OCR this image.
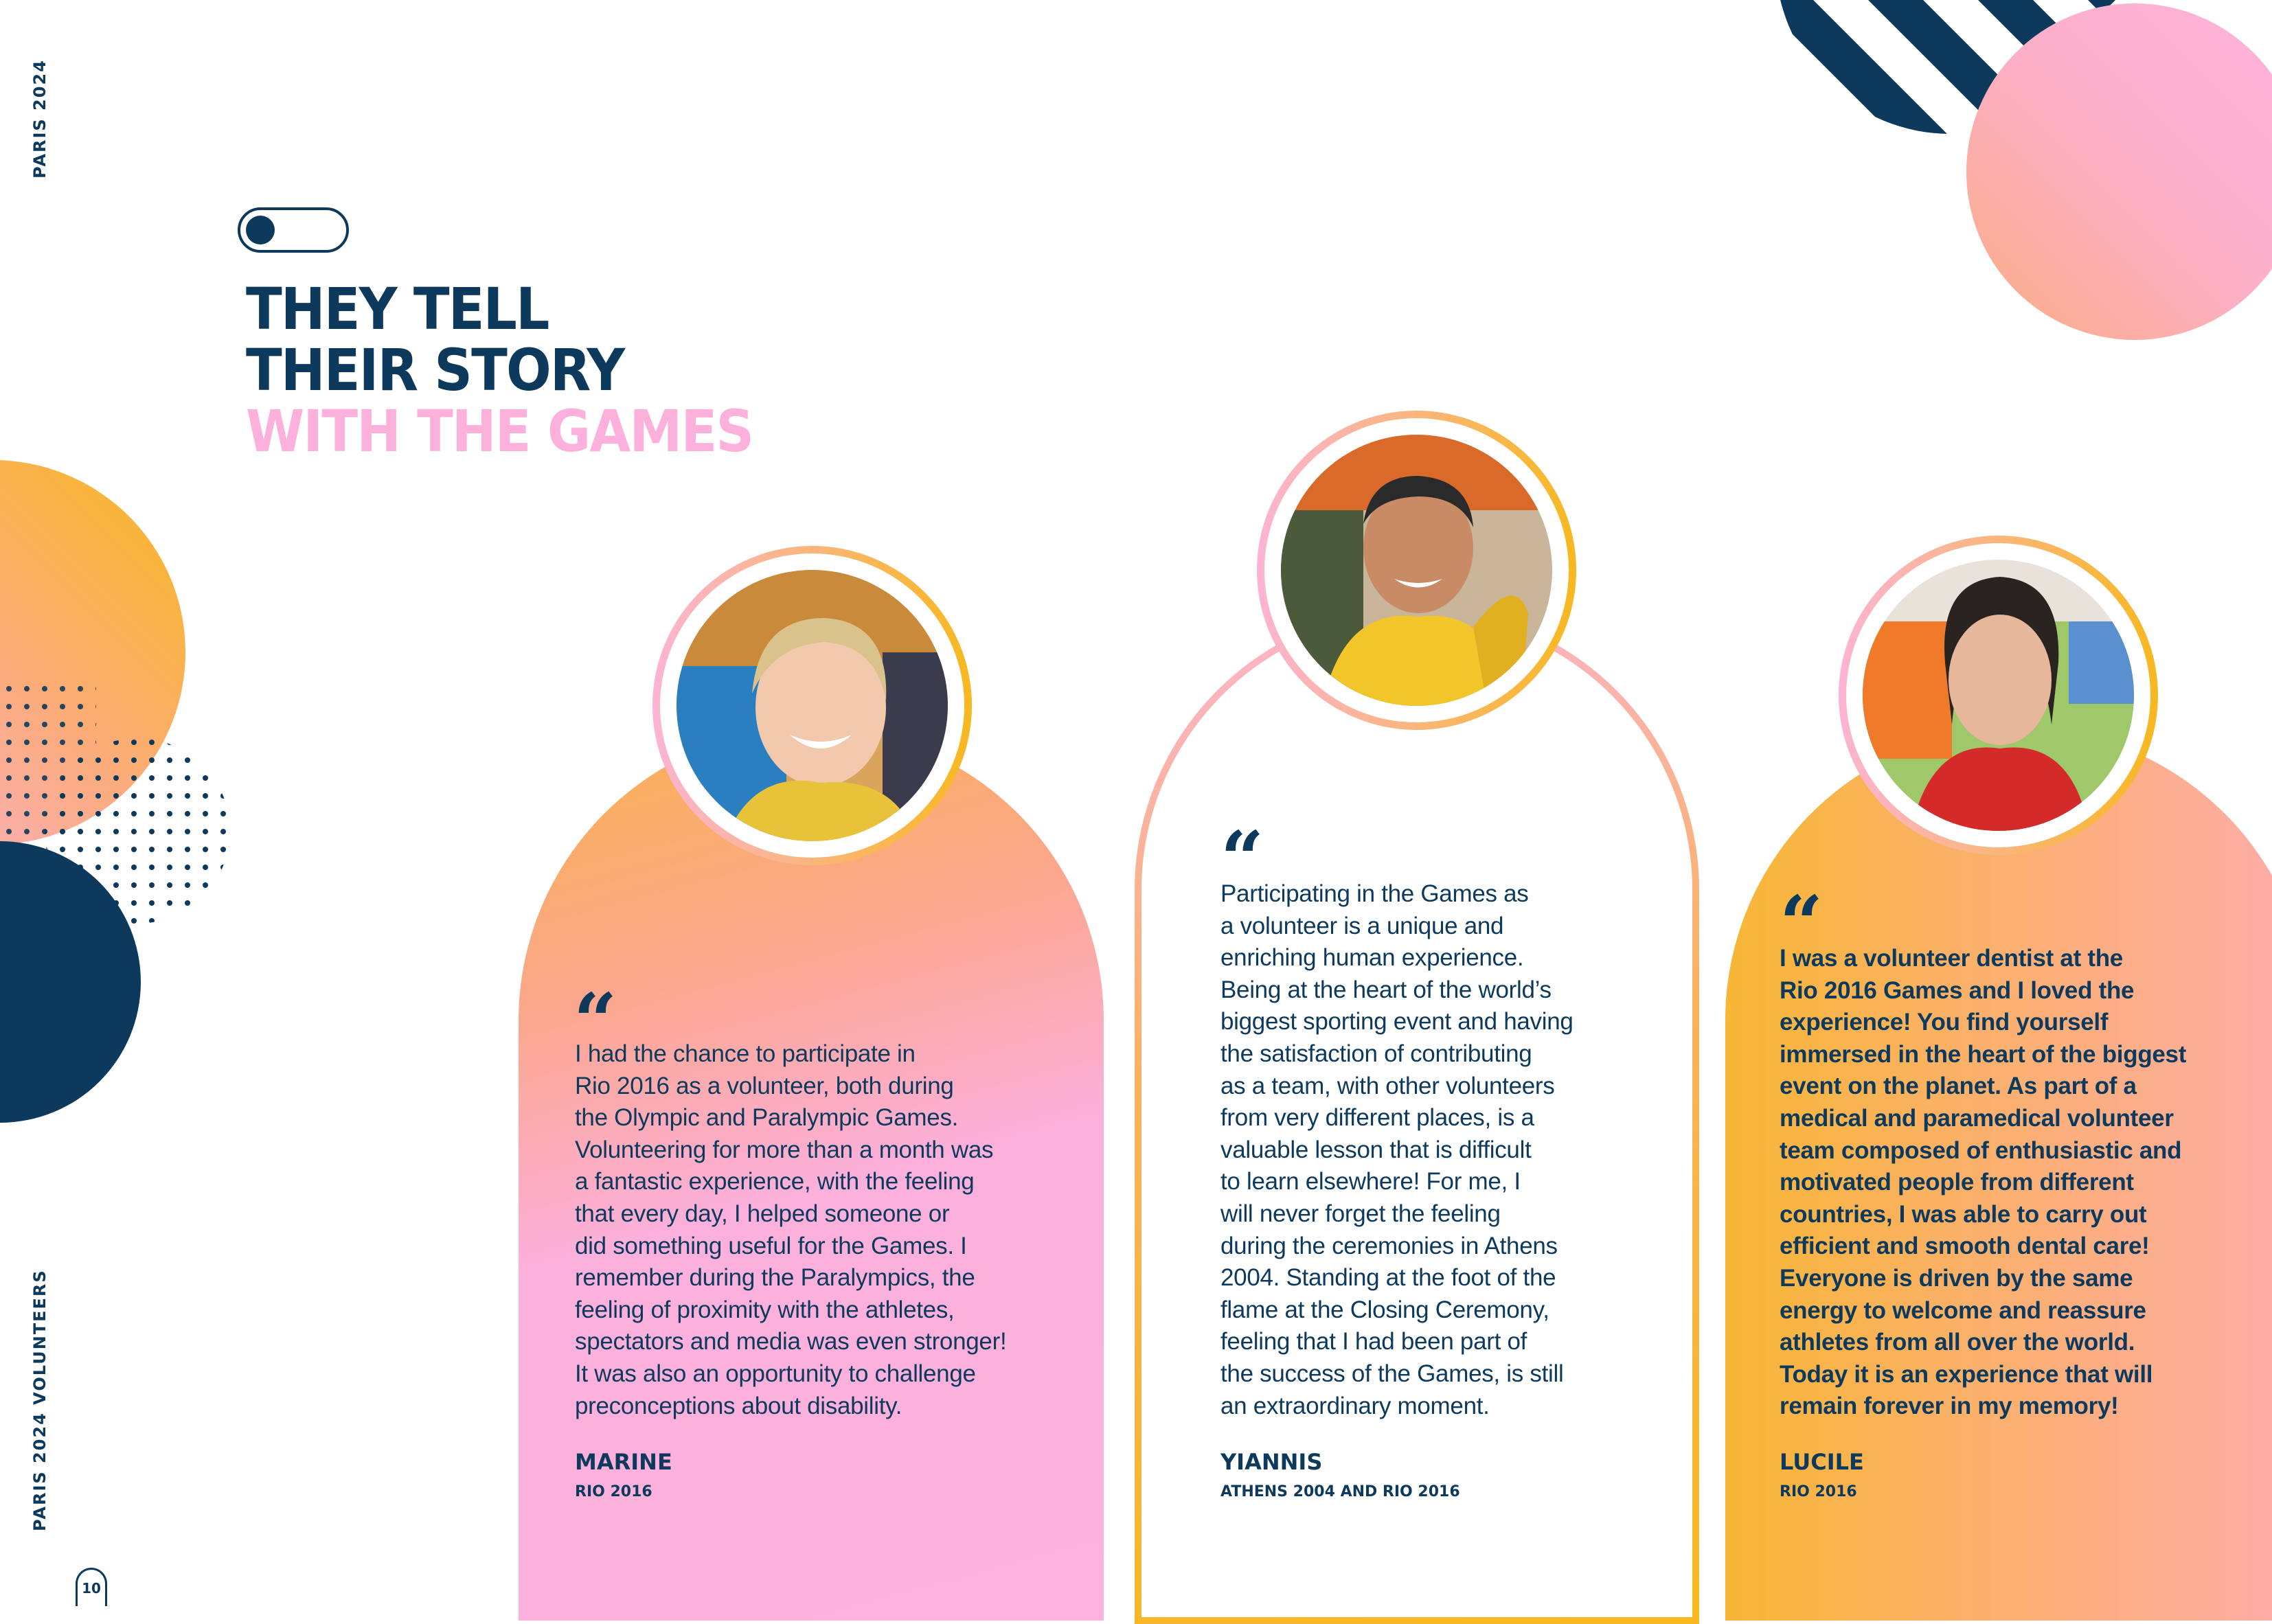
PARIS 2024
PARIS 2024 VOLUNTEERS
10
THEY TELL
THEIR STORY
WITH THE GAMES
“
I had the chance to participate in
Rio 2016 as a volunteer, both during
the Olympic and Paralympic Games.
Volunteering for more than a month was
a fantastic experience, with the feeling
that every day, I helped someone or
did something useful for the Games. I
remember during the Paralympics, the
feeling of proximity with the athletes,
spectators and media was even stronger!
It was also an opportunity to challenge
preconceptions about disability.
MARINE
RIO 2016
“
Participating in the Games as
a volunteer is a unique and
enriching human experience.
Being at the heart of the world’s
biggest sporting event and having
the satisfaction of contributing
as a team, with other volunteers
from very different places, is a
valuable lesson that is difficult
to learn elsewhere! For me, I
will never forget the feeling
during the ceremonies in Athens
2004. Standing at the foot of the
flame at the Closing Ceremony,
feeling that I had been part of
the success of the Games, is still
an extraordinary moment.
YIANNIS
ATHENS 2004 AND RIO 2016
“
I was a volunteer dentist at the
Rio 2016 Games and I loved the
experience! You find yourself
immersed in the heart of the biggest
event on the planet. As part of a
medical and paramedical volunteer
team composed of enthusiastic and
motivated people from different
countries, I was able to carry out
efficient and smooth dental care!
Everyone is driven by the same
energy to welcome and reassure
athletes from all over the world.
Today it is an experience that will
remain forever in my memory!
LUCILE
RIO 2016
